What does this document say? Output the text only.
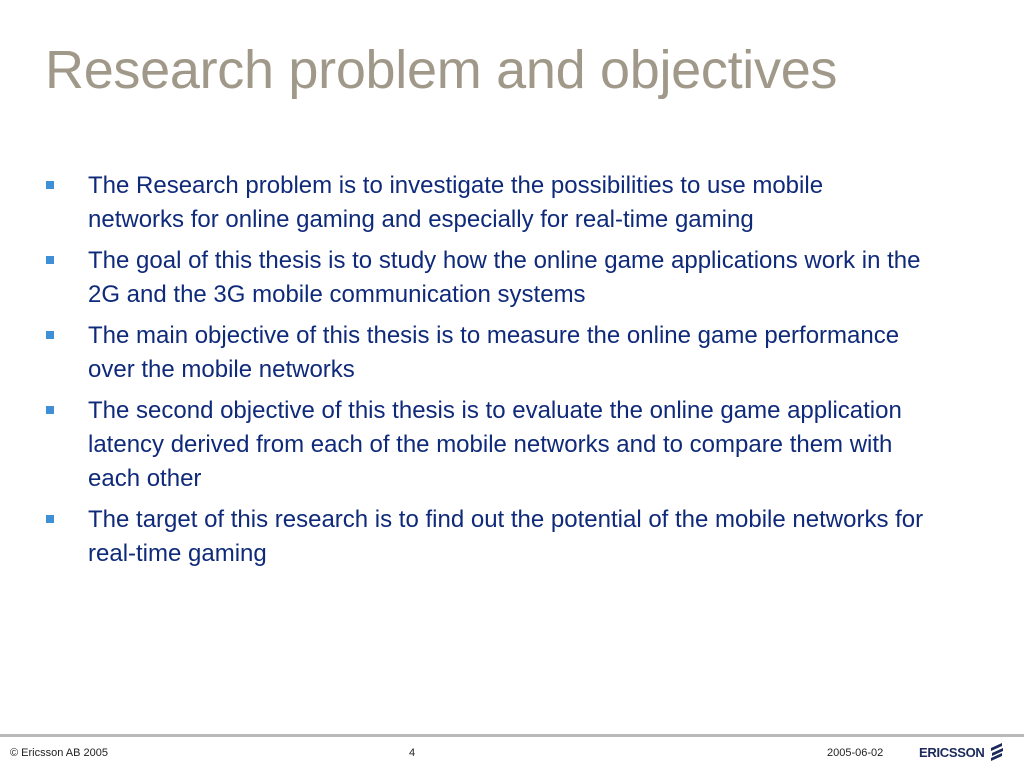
Research problem and objectives
The Research problem is to investigate the possibilities to use mobile networks for online gaming and especially for real-time gaming
The goal of this thesis is to study how the online game applications work in the 2G and the 3G mobile communication systems
The main objective of this thesis is to measure the online game performance over the mobile networks
The second objective of this thesis is to evaluate the online game application latency derived from each of the mobile networks and to compare them with each other
The target of this research is to find out the potential of the mobile networks for real-time gaming
© Ericsson AB 2005	4	2005-06-02	ERICSSON
